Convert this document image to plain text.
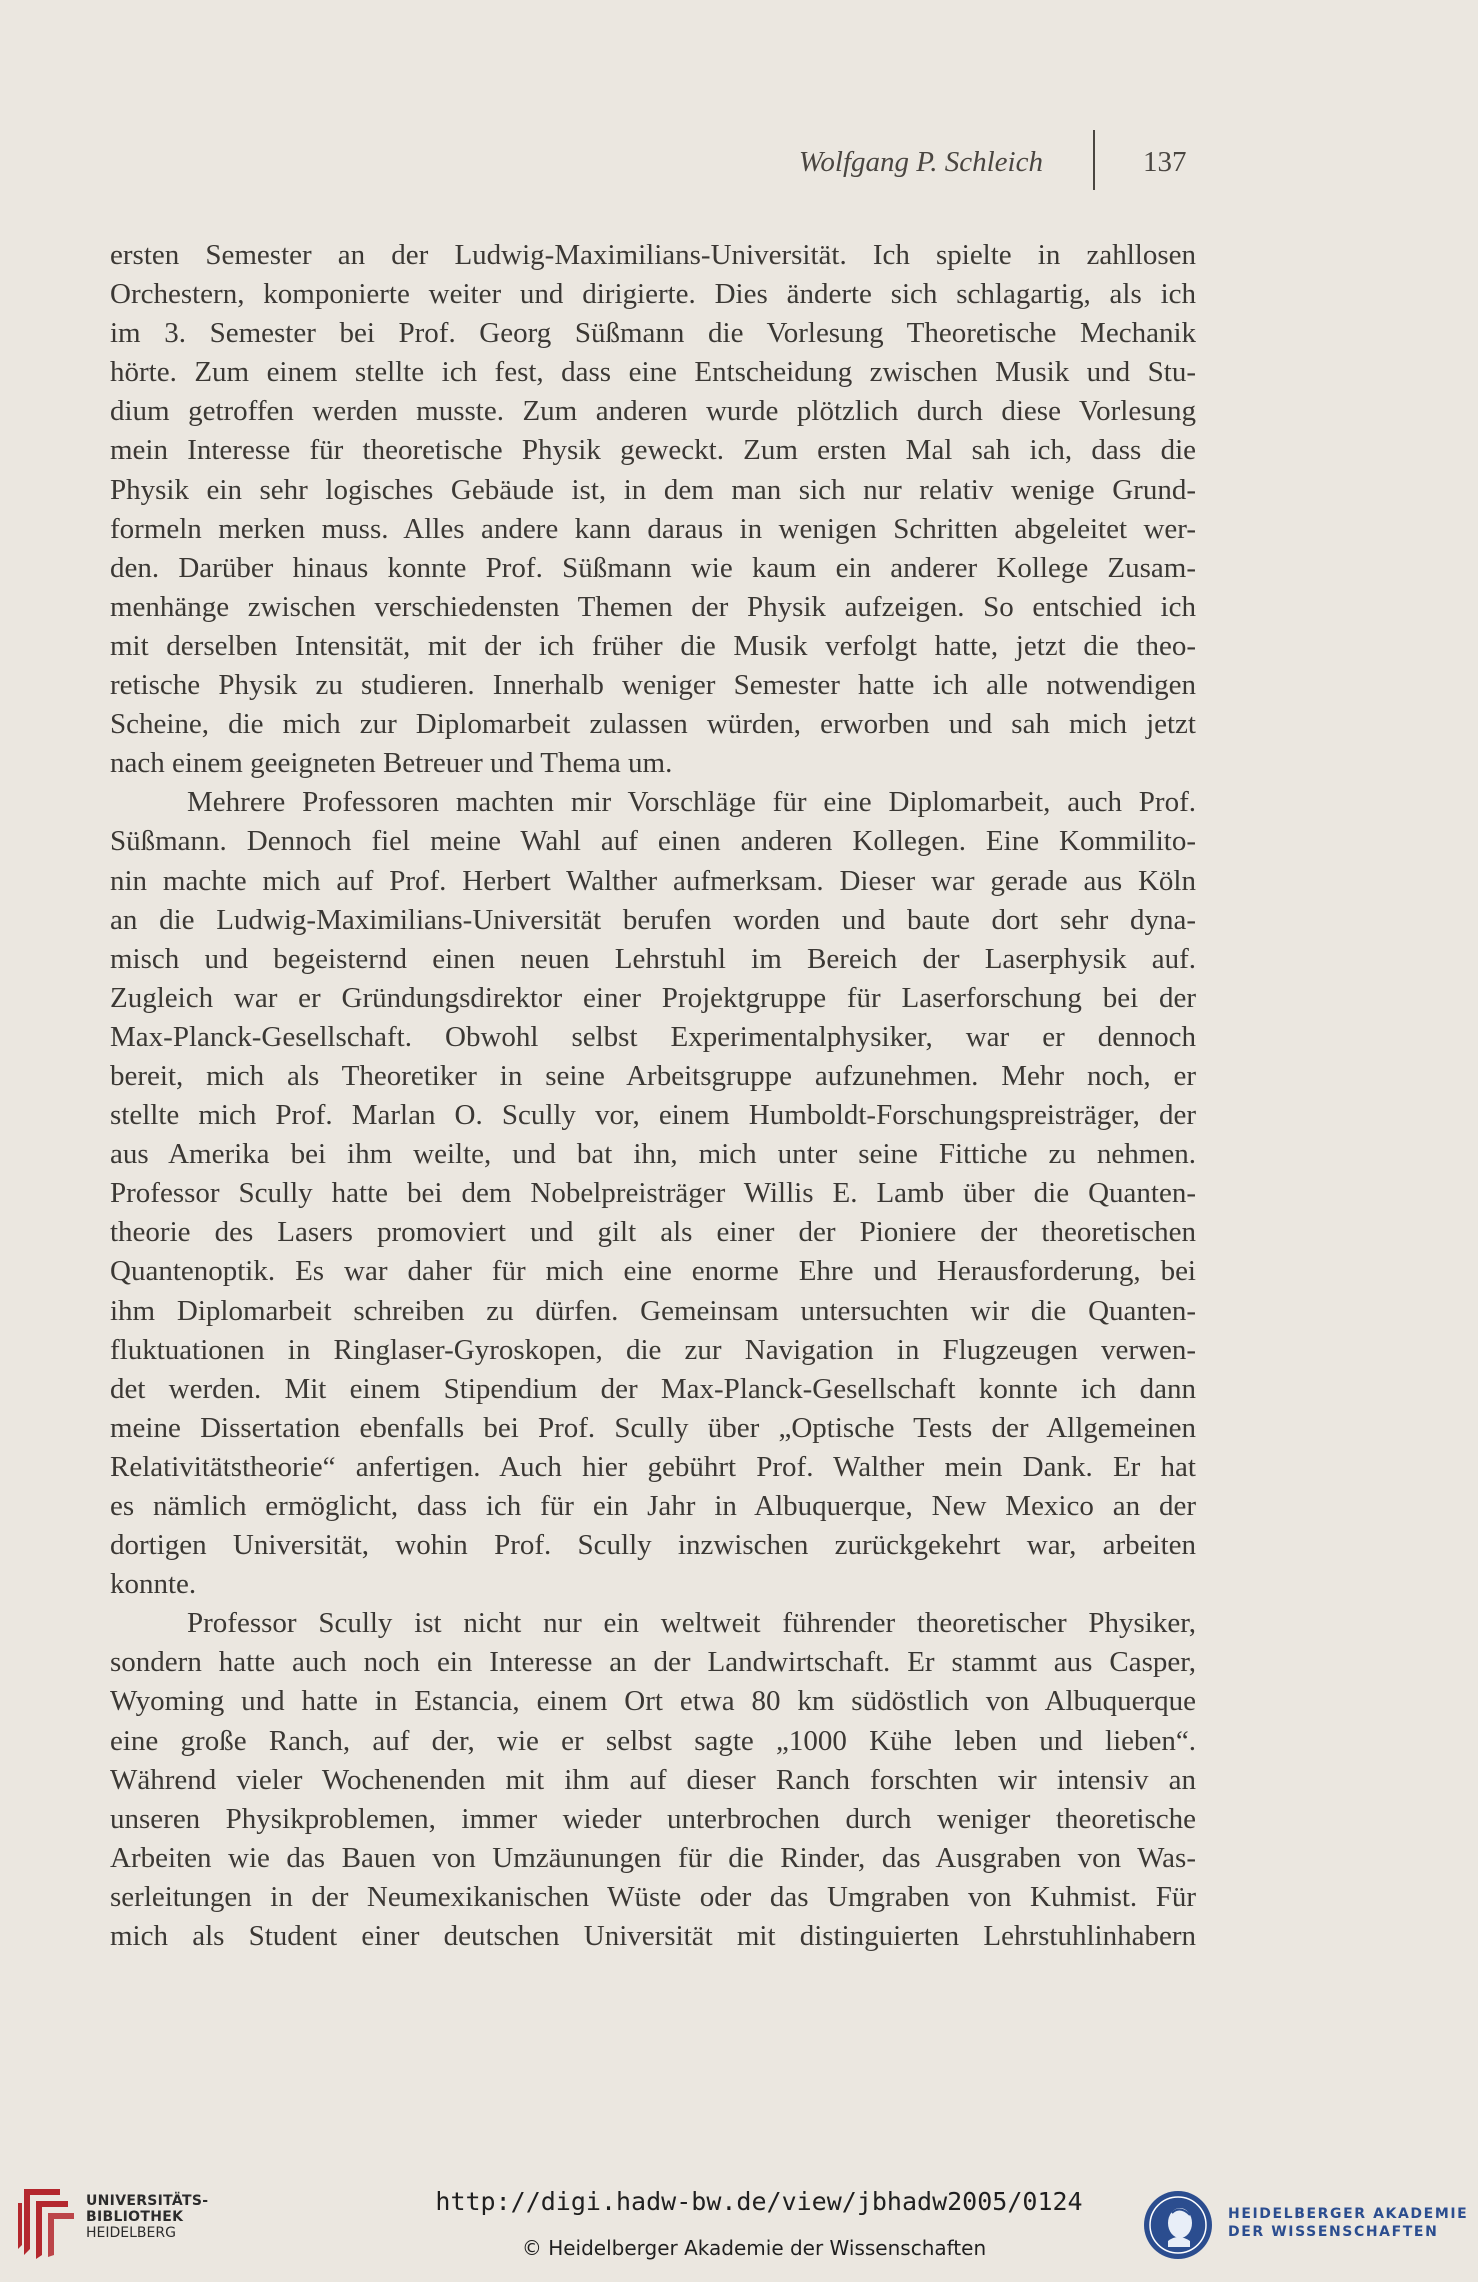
Wolfgang P. Schleich	137
ersten Semester an der Ludwig-Maximilians-Universität. Ich spielte in zahllosen
Orchestern, komponierte weiter und dirigierte. Dies änderte sich schlagartig, als ich
im 3. Semester bei Prof. Georg Süßmann die Vorlesung Theoretische Mechanik
hörte. Zum einem stellte ich fest, dass eine Entscheidung zwischen Musik und Stu-
dium getroffen werden musste. Zum anderen wurde plötzlich durch diese Vorlesung
mein Interesse für theoretische Physik geweckt. Zum ersten Mal sah ich, dass die
Physik ein sehr logisches Gebäude ist, in dem man sich nur relativ wenige Grund-
formeln merken muss. Alles andere kann daraus in wenigen Schritten abgeleitet wer-
den. Darüber hinaus konnte Prof. Süßmann wie kaum ein anderer Kollege Zusam-
menhänge zwischen verschiedensten Themen der Physik aufzeigen. So entschied ich
mit derselben Intensität, mit der ich früher die Musik verfolgt hatte, jetzt die theo-
retische Physik zu studieren. Innerhalb weniger Semester hatte ich alle notwendigen
Scheine, die mich zur Diplomarbeit zulassen würden, erworben und sah mich jetzt
nach einem geeigneten Betreuer und Thema um.
Mehrere Professoren machten mir Vorschläge für eine Diplomarbeit, auch Prof.
Süßmann. Dennoch fiel meine Wahl auf einen anderen Kollegen. Eine Kommilito-
nin machte mich auf Prof. Herbert Walther aufmerksam. Dieser war gerade aus Köln
an die Ludwig-Maximilians-Universität berufen worden und baute dort sehr dyna-
misch und begeisternd einen neuen Lehrstuhl im Bereich der Laserphysik auf.
Zugleich war er Gründungsdirektor einer Projektgruppe für Laserforschung bei der
Max-Planck-Gesellschaft. Obwohl selbst Experimentalphysiker, war er dennoch
bereit, mich als Theoretiker in seine Arbeitsgruppe aufzunehmen. Mehr noch, er
stellte mich Prof. Marlan O. Scully vor, einem Humboldt-Forschungspreisträger, der
aus Amerika bei ihm weilte, und bat ihn, mich unter seine Fittiche zu nehmen.
Professor Scully hatte bei dem Nobelpreisträger Willis E. Lamb über die Quanten-
theorie des Lasers promoviert und gilt als einer der Pioniere der theoretischen
Quantenoptik. Es war daher für mich eine enorme Ehre und Herausforderung, bei
ihm Diplomarbeit schreiben zu dürfen. Gemeinsam untersuchten wir die Quanten-
fluktuationen in Ringlaser-Gyroskopen, die zur Navigation in Flugzeugen verwen-
det werden. Mit einem Stipendium der Max-Planck-Gesellschaft konnte ich dann
meine Dissertation ebenfalls bei Prof. Scully über „Optische Tests der Allgemeinen
Relativitätstheorie“ anfertigen. Auch hier gebührt Prof. Walther mein Dank. Er hat
es nämlich ermöglicht, dass ich für ein Jahr in Albuquerque, New Mexico an der
dortigen Universität, wohin Prof. Scully inzwischen zurückgekehrt war, arbeiten
konnte.
Professor Scully ist nicht nur ein weltweit führender theoretischer Physiker,
sondern hatte auch noch ein Interesse an der Landwirtschaft. Er stammt aus Casper,
Wyoming und hatte in Estancia, einem Ort etwa 80 km südöstlich von Albuquerque
eine große Ranch, auf der, wie er selbst sagte „1000 Kühe leben und lieben“.
Während vieler Wochenenden mit ihm auf dieser Ranch forschten wir intensiv an
unseren Physikproblemen, immer wieder unterbrochen durch weniger theoretische
Arbeiten wie das Bauen von Umzäunungen für die Rinder, das Ausgraben von Was-
serleitungen in der Neumexikanischen Wüste oder das Umgraben von Kuhmist. Für
mich als Student einer deutschen Universität mit distinguierten Lehrstuhlinhabern
UNIVERSITÄTS-
BIBLIOTHEK
HEIDELBERG
http://digi.hadw-bw.de/view/jbhadw2005/0124
© Heidelberger Akademie der Wissenschaften
HEIDELBERGER AKADEMIE
DER WISSENSCHAFTEN
